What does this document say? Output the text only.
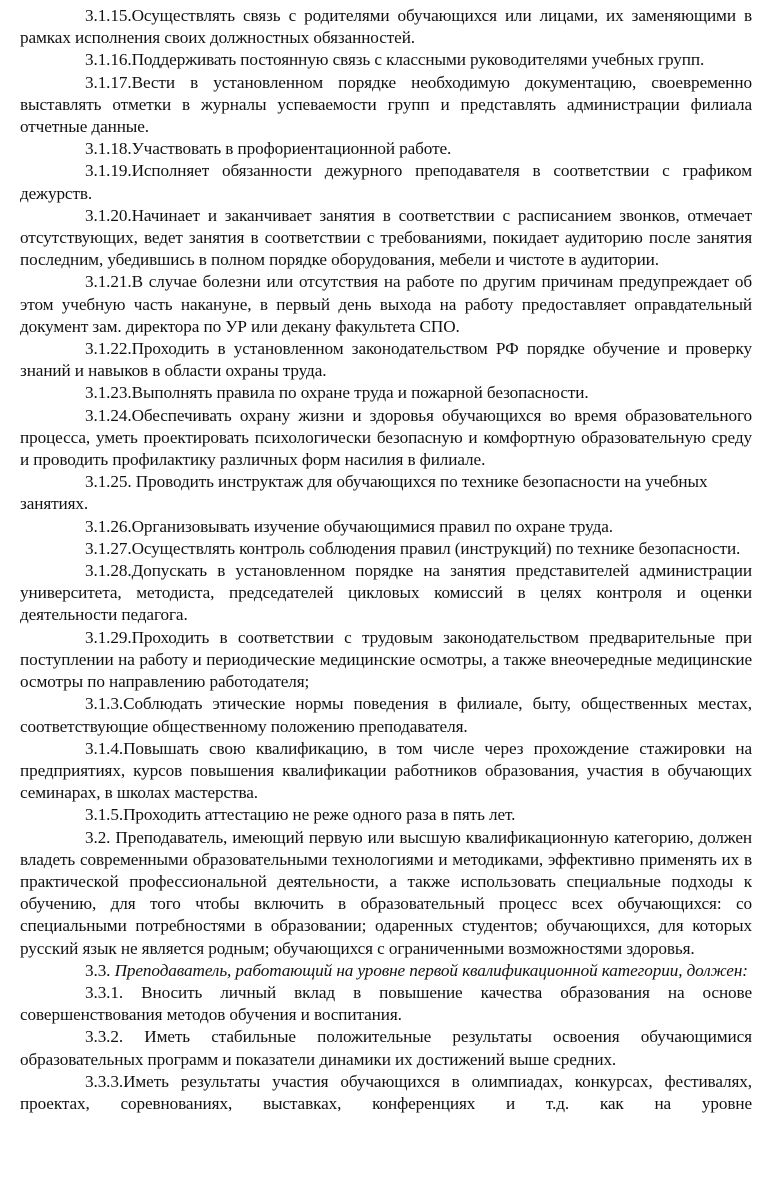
3.1.15.Осуществлять связь с родителями обучающихся или лицами, их заменяющими в рамках исполнения своих должностных обязанностей.

3.1.16.Поддерживать постоянную связь с классными руководителями учебных групп.

3.1.17.Вести в установленном порядке необходимую документацию, своевременно выставлять отметки в журналы успеваемости групп и представлять администрации филиала отчетные данные.

3.1.18.Участвовать в профориентационной работе.

3.1.19.Исполняет обязанности дежурного преподавателя в соответствии с графиком дежурств.

3.1.20.Начинает и заканчивает занятия в соответствии с расписанием звонков, отмечает отсутствующих, ведет занятия в соответствии с требованиями, покидает аудиторию после занятия последним, убедившись в полном порядке оборудования, мебели и чистоте в аудитории.

3.1.21.В случае болезни или отсутствия на работе по другим причинам предупреждает об этом учебную часть накануне, в первый день выхода на работу предоставляет оправдательный документ зам. директора по УР или декану факультета СПО.

3.1.22.Проходить в установленном законодательством РФ порядке обучение и проверку знаний и навыков в области охраны труда.

3.1.23.Выполнять правила по охране труда и пожарной безопасности.

3.1.24.Обеспечивать охрану жизни и здоровья обучающихся во время образовательного процесса, уметь проектировать психологически безопасную и комфортную образовательную среду и проводить профилактику различных форм насилия в филиале.

3.1.25. Проводить инструктаж для обучающихся по технике безопасности на учебных занятиях.

3.1.26.Организовывать изучение обучающимися правил по охране труда.

3.1.27.Осуществлять контроль соблюдения правил (инструкций) по технике безопасности.

3.1.28.Допускать в установленном порядке на занятия представителей администрации университета, методиста, председателей цикловых комиссий в целях контроля и оценки деятельности педагога.

3.1.29.Проходить в соответствии с трудовым законодательством предварительные при поступлении на работу и периодические медицинские осмотры, а также внеочередные медицинские осмотры по направлению работодателя;

3.1.3.Соблюдать этические нормы поведения в филиале, быту, общественных местах, соответствующие общественному положению преподавателя.

3.1.4.Повышать свою квалификацию, в том числе через прохождение стажировки на предприятиях, курсов повышения квалификации работников образования, участия в обучающих семинарах, в школах мастерства.

3.1.5.Проходить аттестацию не реже одного раза в пять лет.

3.2. Преподаватель, имеющий первую или высшую квалификационную категорию, должен владеть современными образовательными технологиями и методиками, эффективно применять их в практической профессиональной деятельности, а также использовать специальные подходы к обучению, для того чтобы включить в образовательный процесс всех обучающихся: со специальными потребностями в образовании; одаренных студентов; обучающихся, для которых русский язык не является родным; обучающихся с ограниченными возможностями здоровья.

3.3. Преподаватель, работающий на уровне первой квалификационной категории, должен:

3.3.1. Вносить личный вклад в повышение качества образования на основе совершенствования методов обучения и воспитания.

3.3.2. Иметь стабильные положительные результаты освоения обучающимися образовательных программ и показатели динамики их достижений выше средних.

3.3.3.Иметь результаты участия обучающихся в олимпиадах, конкурсах, фестивалях, проектах, соревнованиях, выставках, конференциях и т.д. как на уровне
